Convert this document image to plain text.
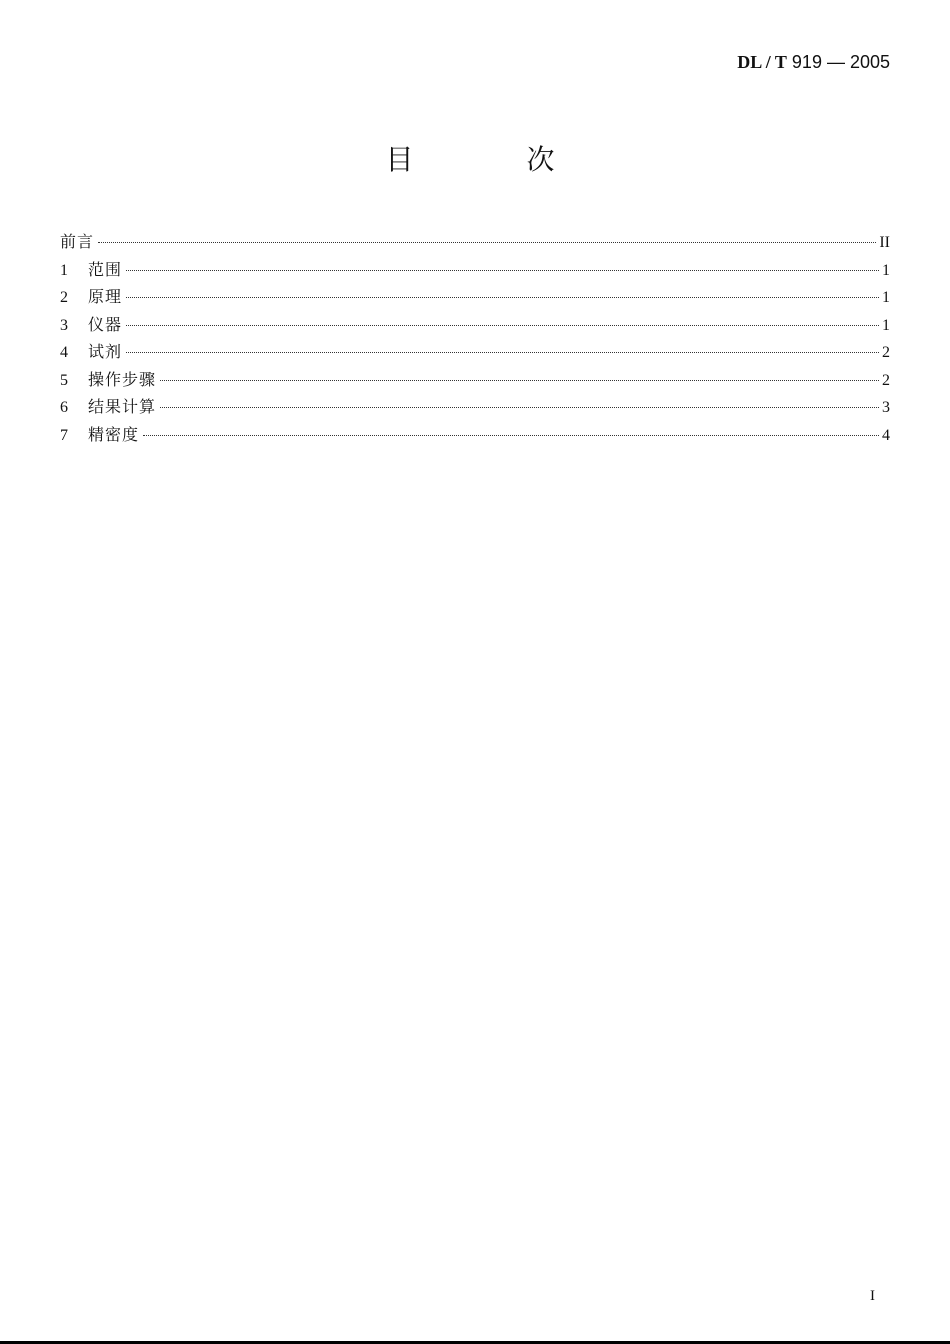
DL / T 919 — 2005
目 次
前言	II
1	范围	1
2	原理	1
3	仪器	1
4	试剂	2
5	操作步骤	2
6	结果计算	3
7	精密度	4
I
